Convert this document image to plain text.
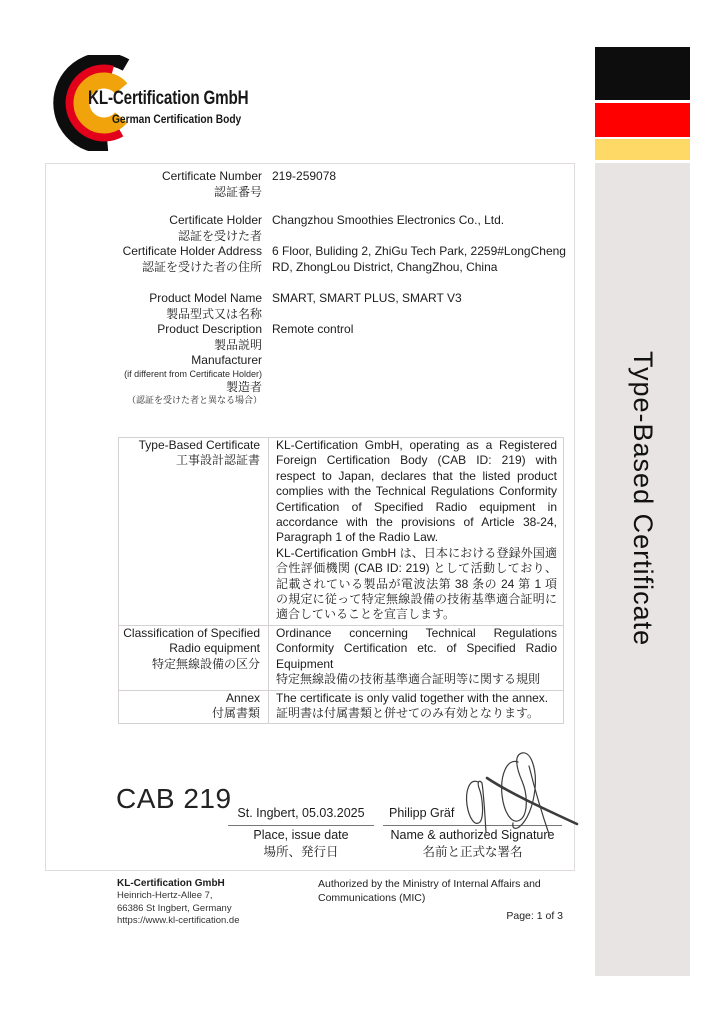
KL-Certification GmbH
German Certification Body
Type-Based Certificate
Certificate Number
認証番号
219-259078
Certificate Holder
認証を受けた者
Changzhou Smoothies Electronics Co., Ltd.
Certificate Holder Address
認証を受けた者の住所
6 Floor, Buliding 2, ZhiGu Tech Park, 2259#LongCheng RD, ZhongLou District, ChangZhou, China
Product Model Name
製品型式又は名称
SMART, SMART PLUS, SMART V3
Product Description
製品説明
Remote control
Manufacturer
(if different from Certificate Holder)
製造者
（認証を受けた者と異なる場合）
Type-Based Certificate
工事設計認証書
KL-Certification GmbH, operating as a Registered Foreign Certification Body (CAB ID: 219) with respect to Japan, declares that the listed product complies with the Technical Regulations Conformity Certification of Specified Radio equipment in accordance with the provisions of Article 38-24, Paragraph 1 of the Radio Law.
KL-Certification GmbH は、日本における登録外国適合性評価機関 (CAB ID: 219) として活動しており、記載されている製品が電波法第 38 条の 24 第 1 項の規定に従って特定無線設備の技術基準適合証明に適合していることを宣言します。
Classification of Specified Radio equipment
特定無線設備の区分
Ordinance concerning Technical Regulations Conformity Certification etc. of Specified Radio Equipment
特定無線設備の技術基準適合証明等に関する規則
Annex
付属書類
The certificate is only valid together with the annex.
証明書は付属書類と併せてのみ有効となります。
CAB 219 St. Ingbert, 05.03.2025
Place, issue date
場所、発行日
Philipp Gräf
Name & authorized Signature
名前と正式な署名
KL-Certification GmbH
Heinrich-Hertz-Allee 7,
66386 St Ingbert, Germany
https://www.kl-certification.de
Authorized by the Ministry of Internal Affairs and Communications (MIC)
Page: 1 of 3
